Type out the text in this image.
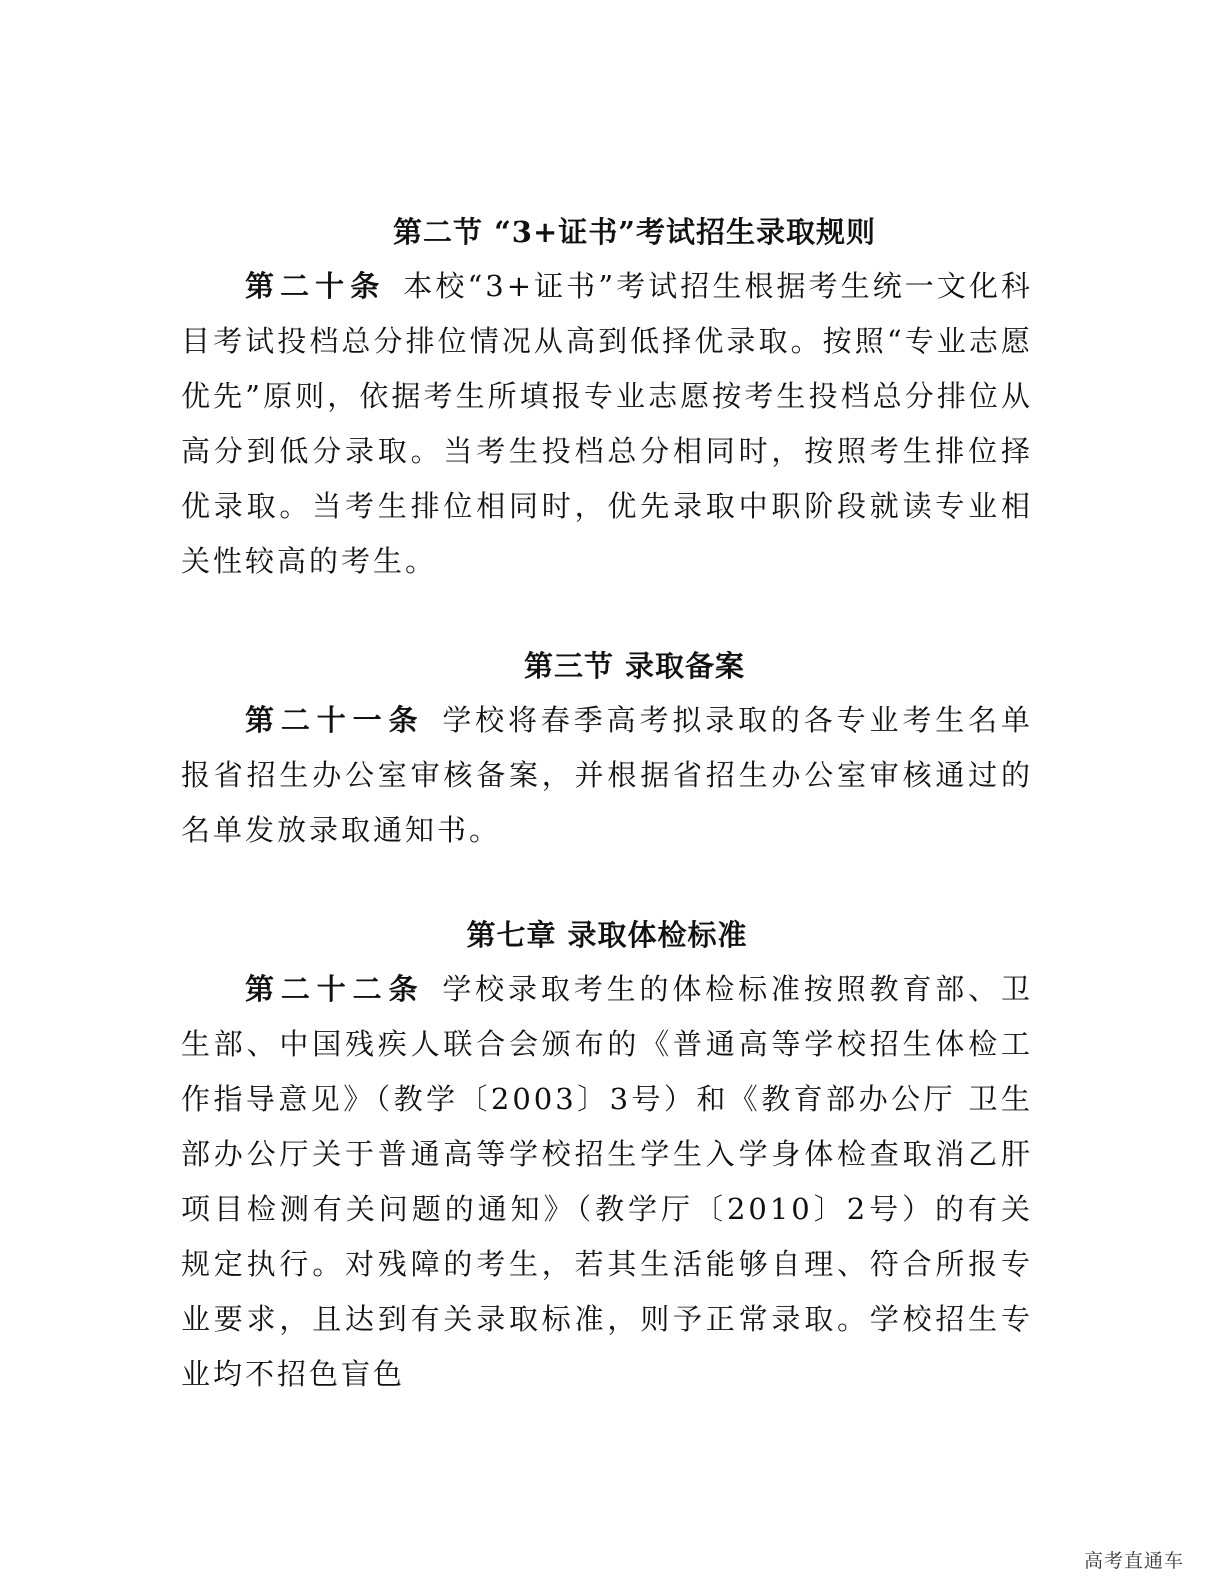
第二节 “3+证书”考试招生录取规则

第二十条 本校“3+证书”考试招生根据考生统一文化科目考试投档总分排位情况从高到低择优录取。按照“专业志愿优先”原则，依据考生所填报专业志愿按考生投档总分排位从高分到低分录取。当考生投档总分相同时，按照考生排位择优录取。当考生排位相同时，优先录取中职阶段就读专业相关性较高的考生。

第三节 录取备案

第二十一条 学校将春季高考拟录取的各专业考生名单报省招生办公室审核备案，并根据省招生办公室审核通过的名单发放录取通知书。

第七章 录取体检标准

第二十二条 学校录取考生的体检标准按照教育部、卫生部、中国残疾人联合会颁布的《普通高等学校招生体检工作指导意见》（教学〔2003〕3号）和《教育部办公厅 卫生部办公厅关于普通高等学校招生学生入学身体检查取消乙肝项目检测有关问题的通知》（教学厅〔2010〕2号）的有关规定执行。对残障的考生，若其生活能够自理、符合所报专业要求，且达到有关录取标准，则予正常录取。学校招生专业均不招色盲色

高考直通车
